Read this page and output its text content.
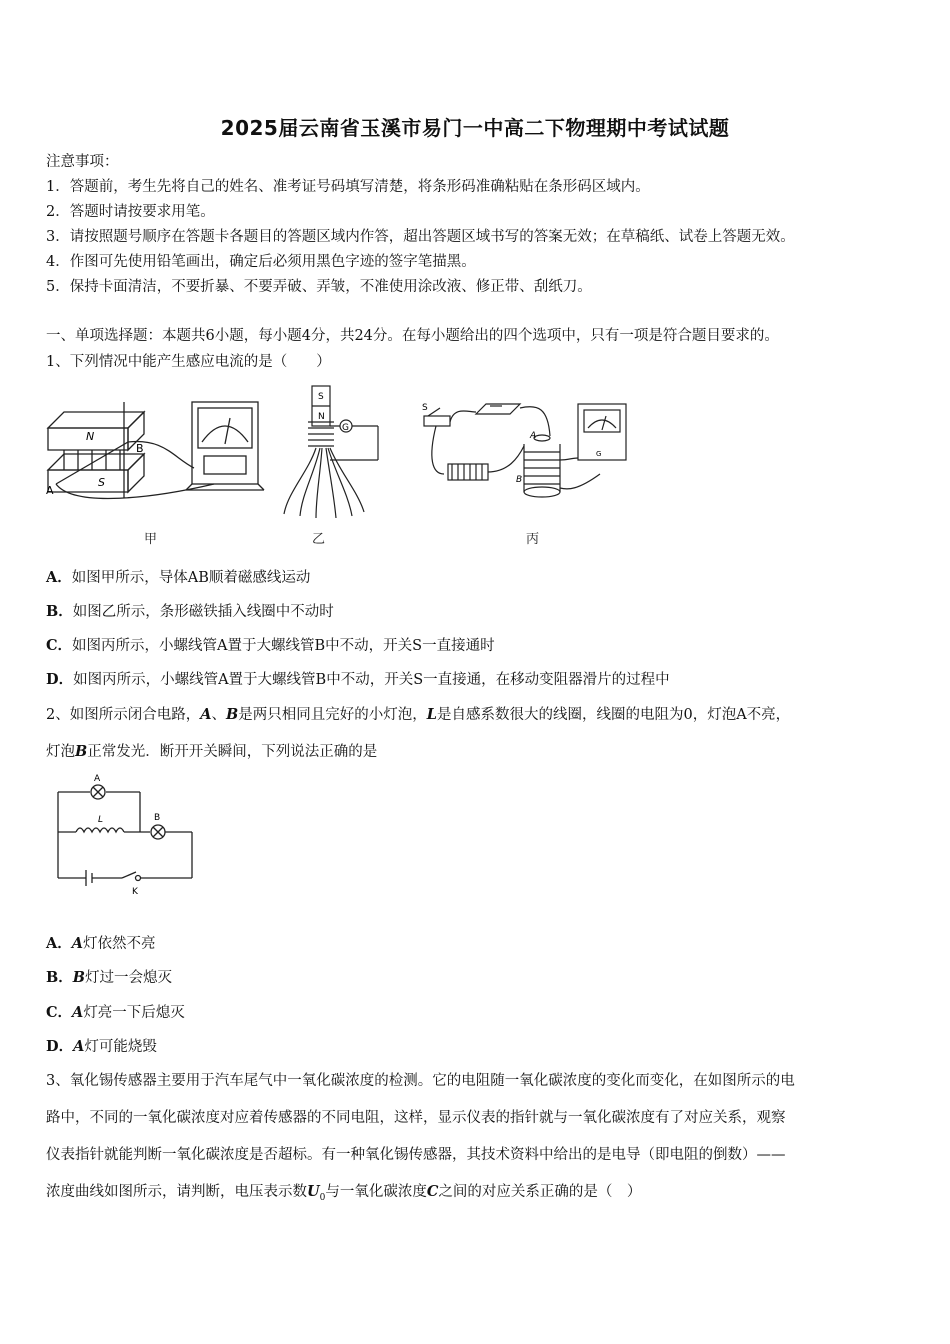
2025届云南省玉溪市易门一中高二下物理期中考试试题
注意事项：
1．答题前，考生先将自己的姓名、准考证号码填写清楚，将条形码准确粘贴在条形码区域内。
2．答题时请按要求用笔。
3．请按照题号顺序在答题卡各题目的答题区域内作答，超出答题区域书写的答案无效；在草稿纸、试卷上答题无效。
4．作图可先使用铅笔画出，确定后必须用黑色字迹的签字笔描黑。
5．保持卡面清洁，不要折暴、不要弄破、弄皱，不准使用涂改液、修正带、刮纸刀。
一、单项选择题：本题共6小题，每小题4分，共24分。在每小题给出的四个选项中，只有一项是符合题目要求的。
1、下列情况中能产生感应电流的是（　　）
N
S
B
A
甲
S
N
G
乙
S
A
B
G
丙
A．如图甲所示，导体AB顺着磁感线运动
B．如图乙所示，条形磁铁插入线圈中不动时
C．如图丙所示，小螺线管A置于大螺线管B中不动，开关S一直接通时
D．如图丙所示，小螺线管A置于大螺线管B中不动，开关S一直接通，在移动变阻器滑片的过程中
2、如图所示闭合电路，A、B是两只相同且完好的小灯泡，L是自感系数很大的线圈，线圈的电阻为0，灯泡A不亮，
灯泡B正常发光．断开开关瞬间，下列说法正确的是
A
B
L
K
A．A灯依然不亮
B．B灯过一会熄灭
C．A灯亮一下后熄灭
D．A灯可能烧毁
3、氧化锡传感器主要用于汽车尾气中一氧化碳浓度的检测。它的电阻随一氧化碳浓度的变化而变化，在如图所示的电
路中，不同的一氧化碳浓度对应着传感器的不同电阻，这样，显示仪表的指针就与一氧化碳浓度有了对应关系，观察
仪表指针就能判断一氧化碳浓度是否超标。有一种氧化锡传感器，其技术资料中给出的是电导（即电阻的倒数）——
浓度曲线如图所示，请判断，电压表示数$U_0$与一氧化碳浓度C之间的对应关系正确的是（　）
